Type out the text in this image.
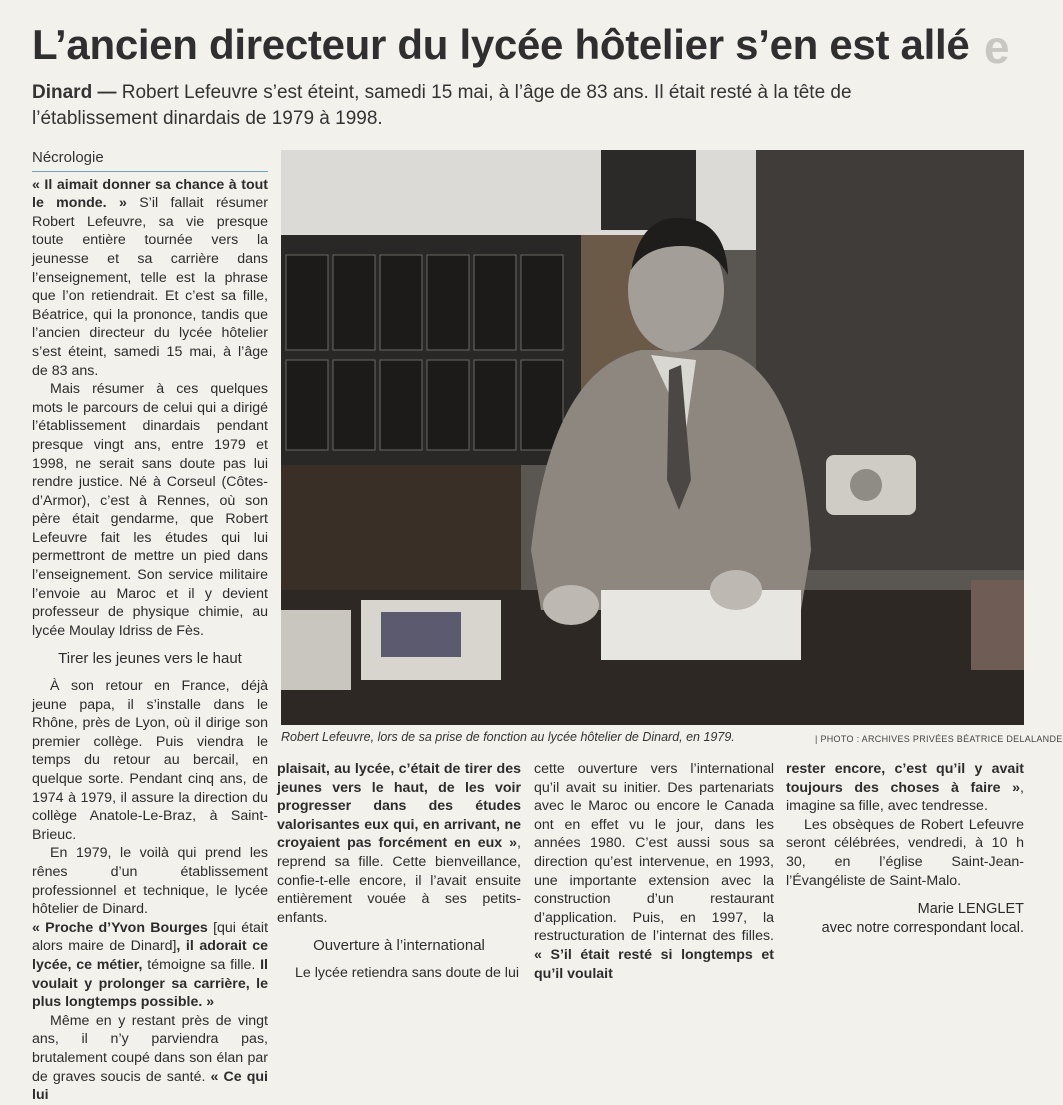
e
L’ancien directeur du lycée hôtelier s’en est allé
Dinard — Robert Lefeuvre s’est éteint, samedi 15 mai, à l’âge de 83 ans. Il était resté à la tête de l’établissement dinardais de 1979 à 1998.
Nécrologie

« Il aimait donner sa chance à tout le monde. » S’il fallait résumer Robert Lefeuvre, sa vie presque toute entière tournée vers la jeunesse et sa carrière dans l’enseignement, telle est la phrase que l’on retiendrait. Et c’est sa fille, Béatrice, qui la prononce, tandis que l’ancien directeur du lycée hôtelier s’est éteint, samedi 15 mai, à l’âge de 83 ans.

Mais résumer à ces quelques mots le parcours de celui qui a dirigé l’établissement dinardais pendant presque vingt ans, entre 1979 et 1998, ne serait sans doute pas lui rendre justice. Né à Corseul (Côtes-d’Armor), c’est à Rennes, où son père était gendarme, que Robert Lefeuvre fait les études qui lui permettront de mettre un pied dans l’enseignement. Son service militaire l’envoie au Maroc et il y devient professeur de physique chimie, au lycée Moulay Idriss de Fès.

Tirer les jeunes vers le haut

À son retour en France, déjà jeune papa, il s’installe dans le Rhône, près de Lyon, où il dirige son premier collège. Puis viendra le temps du retour au bercail, en quelque sorte. Pendant cinq ans, de 1974 à 1979, il assure la direction du collège Anatole-Le-Braz, à Saint-Brieuc.

En 1979, le voilà qui prend les rênes d’un établissement professionnel et technique, le lycée hôtelier de Dinard.

« Proche d’Yvon Bourges [qui était alors maire de Dinard], il adorait ce lycée, ce métier, témoigne sa fille. Il voulait y prolonger sa carrière, le plus longtemps possible. »

Même en y restant près de vingt ans, il n’y parviendra pas, brutalement coupé dans son élan par de graves soucis de santé. « Ce qui lui

Robert Lefeuvre, lors de sa prise de fonction au lycée hôtelier de Dinard, en 1979.	| PHOTO : ARCHIVES PRIVÉES BÉATRICE DELALANDE

plaisait, au lycée, c’était de tirer des jeunes vers le haut, de les voir progresser dans des études valorisantes eux qui, en arrivant, ne croyaient pas forcément en eux », reprend sa fille. Cette bienveillance, confie-t-elle encore, il l’avait ensuite entièrement vouée à ses petits-enfants.

Ouverture à l’international

Le lycée retiendra sans doute de lui

cette ouverture vers l’international qu’il avait su initier. Des partenariats avec le Maroc ou encore le Canada ont en effet vu le jour, dans les années 1980. C’est aussi sous sa direction qu’est intervenue, en 1993, une importante extension avec la construction d’un restaurant d’application. Puis, en 1997, la restructuration de l’internat des filles. « S’il était resté si longtemps et qu’il voulait

rester encore, c’est qu’il y avait toujours des choses à faire », imagine sa fille, avec tendresse.

Les obsèques de Robert Lefeuvre seront célébrées, vendredi, à 10 h 30, en l’église Saint-Jean-l’Évangéliste de Saint-Malo.

Marie LENGLET
avec notre correspondant local.
